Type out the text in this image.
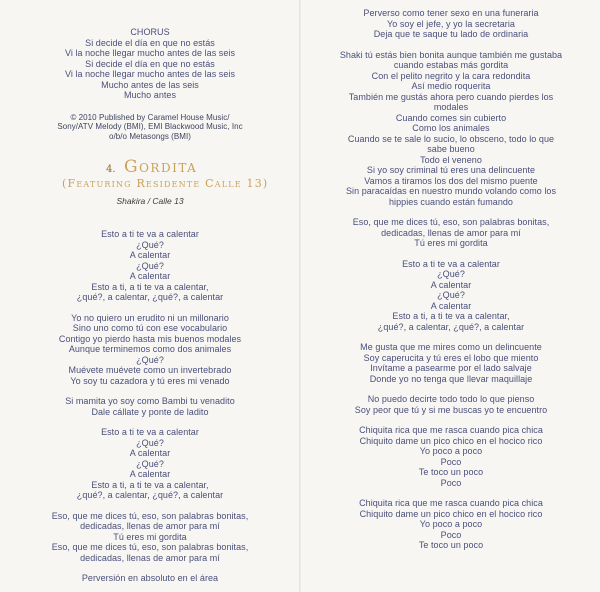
CHORUS
Si decide el día en que no estás
Vi la noche llegar mucho antes de las seis
Si decide el día en que no estás
Vi la noche llegar mucho antes de las seis
Mucho antes de las seis
Mucho antes
© 2010 Published by Caramel House Music/
Sony/ATV Melody (BMI), EMI Blackwood Music, Inc
o/b/o Metasongs (BMI)
4. Gordita
(Featuring Residente Calle 13)
Shakira / Calle 13
Esto a ti te va a calentar
¿Qué?
A calentar
¿Qué?
A calentar
Esto a ti, a ti te va a calentar,
¿qué?, a calentar, ¿qué?, a calentar
Yo no quiero un erudito ni un millonario
Sino uno como tú con ese vocabulario
Contigo yo pierdo hasta mis buenos modales
Aunque terminemos como dos animales
¿Qué?
Muévete muévete como un invertebrado
Yo soy tu cazadora y tú eres mi venado
Si mamita yo soy como Bambi tu venadito
Dale cállate y ponte de ladito
Esto a ti te va a calentar
¿Qué?
A calentar
¿Qué?
A calentar
Esto a ti, a ti te va a calentar,
¿qué?, a calentar, ¿qué?, a calentar
Eso, que me dices tú, eso, son palabras bonitas,
dedicadas, llenas de amor para mí
Tú eres mi gordita
Eso, que me dices tú, eso, son palabras bonitas,
dedicadas, llenas de amor para mí
Perversión en absoluto en el área
Perverso como tener sexo en una funeraria
Yo soy el jefe, y yo la secretaria
Deja que te saque tu lado de ordinaria
Shaki tú estás bien bonita aunque también me gustaba
cuando estabas más gordita
Con el pelito negrito y la cara redondita
Así medio roquerita
También me gustás ahora pero cuando pierdes los
modales
Cuando comes sin cubierto
Como los animales
Cuando se te sale lo sucio, lo obsceno, todo lo que
sabe bueno
Todo el veneno
Si yo soy criminal tú eres una delincuente
Vamos a tiramos los dos del mismo puente
Sin paracaídas en nuestro mundo volando como los
hippies cuando están fumando
Eso, que me dices tú, eso, son palabras bonitas,
dedicadas, llenas de amor para mí
Tú eres mi gordita
Esto a ti te va a calentar
¿Qué?
A calentar
¿Qué?
A calentar
Esto a ti, a ti te va a calentar,
¿qué?, a calentar, ¿qué?, a calentar
Me gusta que me mires como un delincuente
Soy caperucita y tú eres el lobo que miento
Invítame a pasearme por el lado salvaje
Donde yo no tenga que llevar maquillaje
No puedo decirte todo todo lo que pienso
Soy peor que tú y si me buscas yo te encuentro
Chiquita rica que me rasca cuando pica chica
Chiquito dame un pico chico en el hocico rico
Yo poco a poco
Poco
Te toco un poco
Poco
Chiquita rica que me rasca cuando pica chica
Chiquito dame un pico chico en el hocico rico
Yo poco a poco
Poco
Te toco un poco
